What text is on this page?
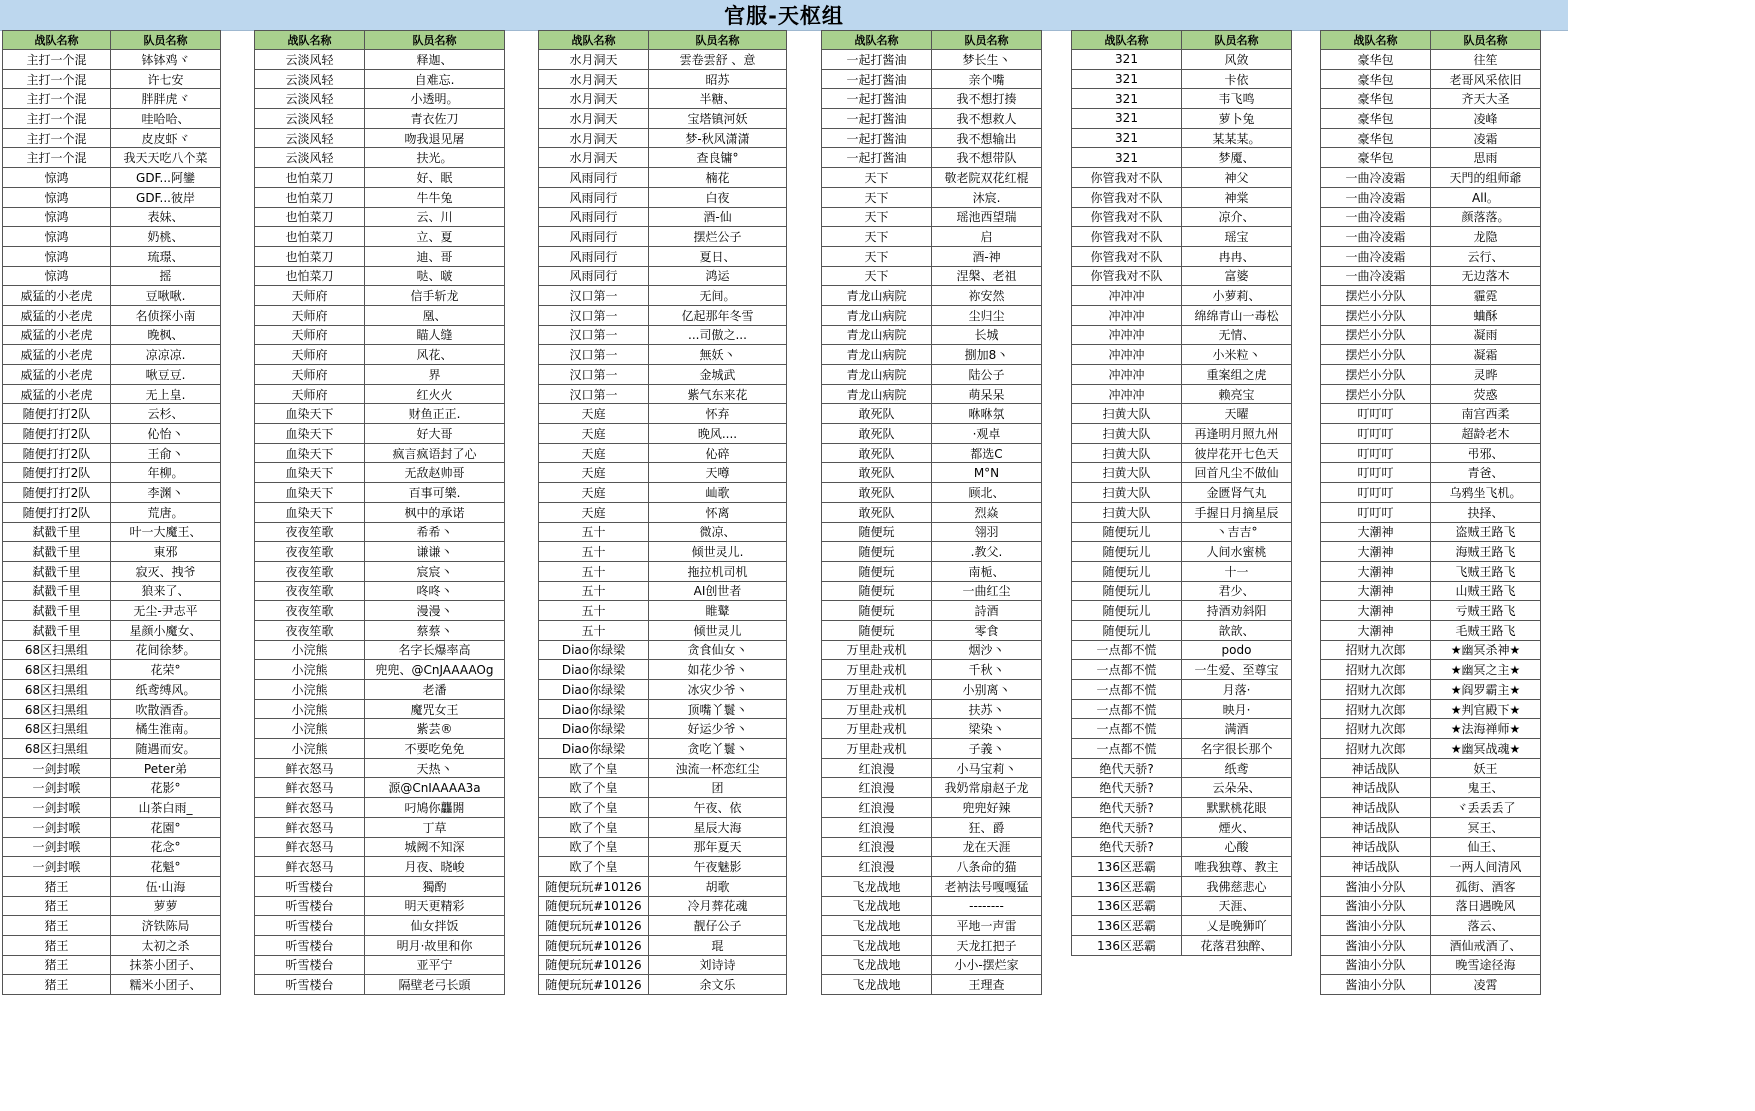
官服-天枢组
战队名称	队员名称
主打一个混	钵钵鸡ヾ
主打一个混	许七安
主打一个混	胖胖虎ヾ
主打一个混	哇哈哈、
主打一个混	皮皮虾ヾ
主打一个混	我天天吃八个菜
惊鸿	GDF...阿鑾
惊鸿	GDF...彼岸
惊鸿	表妹、
惊鸿	奶桃、
惊鸿	琉璟、
惊鸿	摇
威猛的小老虎	豆啾啾.
威猛的小老虎	名侦探小南
威猛的小老虎	晚枫、
威猛的小老虎	凉凉凉.
威猛的小老虎	啾豆豆.
威猛的小老虎	无上皇.
随便打打2队	云杉、
随便打打2队	伈怡丶
随便打打2队	王俞丶
随便打打2队	年柳。
随便打打2队	李渊丶
随便打打2队	荒唐。
弑戳千里	叶一大魔王、
弑戳千里	東邪
弑戳千里	寂灭、拽爷
弑戳千里	狼来了、
弑戳千里	无尘-尹志平
弑戳千里	星颜小魔女、
68区扫黑组	花间徐梦。
68区扫黑组	花荣°
68区扫黑组	纸鸢缚风。
68区扫黑组	吹散酒香。
68区扫黑组	橘生淮南。
68区扫黑组	随遇而安。
一剑封喉	Peter弟
一剑封喉	花影°
一剑封喉	山茶白雨_
一剑封喉	花園°
一剑封喉	花念°
一剑封喉	花魁°
猪王	伍·山海
猪王	萝萝
猪王	济铁陈局
猪王	太初之杀
猪王	抹茶小团子、
猪王	糯米小团子、
战队名称	队员名称
云淡风轻	释迦、
云淡风轻	自难忘.
云淡风轻	小透明。
云淡风轻	青衣佐刀
云淡风轻	吻我退见屠
云淡风轻	扶光。
也怕菜刀	好、眠
也怕菜刀	牛牛兔
也怕菜刀	云、川
也怕菜刀	立、夏
也怕菜刀	迪、哥
也怕菜刀	哒、啵
天师府	信手斩龙
天师府	凰、
天师府	瞄人缝
天师府	风花、
天师府	界
天师府	红火火
血染天下	财鱼正正.
血染天下	好大哥
血染天下	疯言疯语封了心
血染天下	无敌赵帅哥
血染天下	百事可樂.
血染天下	枫中的承诺
夜夜笙歌	希希丶
夜夜笙歌	谦谦丶
夜夜笙歌	宸宸丶
夜夜笙歌	咚咚丶
夜夜笙歌	漫漫丶
夜夜笙歌	蔡蔡丶
小浣熊	名字长爆率高
小浣熊	兜兜、@CnJAAAAOg
小浣熊	老潘
小浣熊	魔咒女王
小浣熊	紫芸®
小浣熊	不要吃免免
鲜衣怒马	天热丶
鲜衣怒马	源@CnIAAAA3a
鲜衣怒马	叼鳩你龘閞
鲜衣怒马	丁草
鲜衣怒马	城阙不知深
鲜衣怒马	月夜、晓峻
听雪楼台	獨酌
听雪楼台	明天更精彩
听雪楼台	仙女拌饭
听雪楼台	明月·故里和你
听雪楼台	亚平宁
听雪楼台	隔壁老弓长頭
战队名称	队员名称
水月洞天	雲卷雲舒 、意
水月洞天	昭苏
水月洞天	半糖、
水月洞天	宝塔镇河妖
水月洞天	梦-秋风潇潇
水月洞天	查良镛°
风雨同行	楠花
风雨同行	白夜
风雨同行	酒-仙
风雨同行	摆烂公子
风雨同行	夏日、
风雨同行	鸿运
汉口第一	无间。
汉口第一	亿起那年冬雪
汉口第一	...司傲之...
汉口第一	無妖丶
汉口第一	金城武
汉口第一	紫气东来花
天庭	怀弃
天庭	晚风....
天庭	伈碎
天庭	天噂
天庭	屾歌
天庭	怀离
五十	微凉、
五十	倾世灵儿.
五十	拖拉机司机
五十	AI创世者
五十	睢鼙
五十	倾世灵儿
Diao你绿梁	贪食仙女丶
Diao你绿梁	如花少爷丶
Diao你绿梁	冰灾少爷丶
Diao你绿梁	顶嘴丫鬟丶
Diao你绿梁	好运少爷丶
Diao你绿梁	贪吃丫鬟丶
欧了个皇	浊流一杯恋红尘
欧了个皇	团
欧了个皇	午夜、依
欧了个皇	星辰大海
欧了个皇	那年夏天
欧了个皇	午夜魅影
随便玩玩#10126	胡歌
随便玩玩#10126	冷月葬花魂
随便玩玩#10126	靓仔公子
随便玩玩#10126	琨
随便玩玩#10126	刘诗诗
随便玩玩#10126	余文乐
战队名称	队员名称
一起打酱油	梦长生丶
一起打酱油	亲个嘴
一起打酱油	我不想打揍
一起打酱油	我不想救人
一起打酱油	我不想输出
一起打酱油	我不想带队
天下	敬老院双花红棍
天下	沐宸.
天下	瑶池西望瑞
天下	启
天下	酒-神
天下	涅槃、老祖
青龙山病院	祢安然
青龙山病院	尘归尘
青龙山病院	长城
青龙山病院	捌加8丶
青龙山病院	陆公子
青龙山病院	萌呆呆
敢死队	咻咻氛
敢死队	·观卓
敢死队	都选C
敢死队	M°N
敢死队	顾北、
敢死队	烈焱
随便玩	翎羽
随便玩	.教父.
随便玩	南栀、
随便玩	一曲红尘
随便玩	詩酒
随便玩	零食
万里赴戎机	烟沙丶
万里赴戎机	千秋丶
万里赴戎机	小别离丶
万里赴戎机	扶苏丶
万里赴戎机	梁染丶
万里赴戎机	子義丶
红浪漫	小马宝莉丶
红浪漫	我奶常扇赵子龙
红浪漫	兜兜好辣
红浪漫	狂、爵
红浪漫	龙在天涯
红浪漫	八条命的猫
飞龙战地	老衲法号嘎嘎猛
飞龙战地	--------
飞龙战地	平地一声雷
飞龙战地	天龙扛把子
飞龙战地	小小-摆烂家
飞龙战地	王理查
战队名称	队员名称
321	风敛
321	卡依
321	韦飞鸣
321	萝卜兔
321	某某某。
321	梦魇、
你管我对不队	神父
你管我对不队	神棠
你管我对不队	凉介、
你管我对不队	瑶宝
你管我对不队	冉冉、
你管我对不队	富婆
冲冲冲	小萝莉、
冲冲冲	绵绵青山一毒松
冲冲冲	无情、
冲冲冲	小米粒丶
冲冲冲	重案组之虎
冲冲冲	赖亮宝
扫黄大队	天曜
扫黄大队	再逢明月照九州
扫黄大队	彼岸花开七色天
扫黄大队	回首凡尘不做仙
扫黄大队	金匮肾气丸
扫黄大队	手握日月摘星辰
随便玩儿	丶吉吉°
随便玩儿	人间水蜜桃
随便玩儿	十一
随便玩儿	君少、
随便玩儿	持酒劝斜阳
随便玩儿	歆歆、
一点都不慌	podo
一点都不慌	一生爱、至尊宝
一点都不慌	月落·
一点都不慌	映月·
一点都不慌	满酒
一点都不慌	名字很长那个
绝代天骄?	纸鸢
绝代天骄?	云朵朵、
绝代天骄?	默默桃花眼
绝代天骄?	煙火、
绝代天骄?	心酸
136区恶霸	唯我独尊、教主
136区恶霸	我佛慈悲心
136区恶霸	天涯、
136区恶霸	乂是晚狮吖
136区恶霸	花落君独醉、
战队名称	队员名称
豪华包	往笙
豪华包	老哥风采依旧
豪华包	齐天大圣
豪华包	凌峰
豪华包	凌霜
豪华包	思雨
一曲冷凌霜	天門的组师爺
一曲冷凌霜	All。
一曲冷凌霜	颜落落。
一曲冷凌霜	龙隐
一曲冷凌霜	云行、
一曲冷凌霜	无边落木
摆烂小分队	霾霓
摆烂小分队	蛐酥
摆烂小分队	凝雨
摆烂小分队	凝霜
摆烂小分队	灵晔
摆烂小分队	荧惑
叮叮叮	南宫西柔
叮叮叮	超龄老木
叮叮叮	弔邪、
叮叮叮	青爸、
叮叮叮	乌鸦坐飞机。
叮叮叮	抉择、
大潮神	盗贼王路飞
大潮神	海贼王路飞
大潮神	飞贼王路飞
大潮神	山贼王路飞
大潮神	亏贼王路飞
大潮神	毛贼王路飞
招财九次郎	★幽冥杀神★
招财九次郎	★幽冥之主★
招财九次郎	★阎罗霸主★
招财九次郎	★判官殿下★
招财九次郎	★法海禅师★
招财九次郎	★幽冥战魂★
神话战队	妖王
神话战队	鬼王、
神话战队	ヾ丢丢丢了
神话战队	冥王、
神话战队	仙王、
神话战队	一两人间清风
酱油小分队	孤街、酒客
酱油小分队	落日遇晚风
酱油小分队	落云、
酱油小分队	酒仙戒酒了、
酱油小分队	晚雪途径海
酱油小分队	凌霄
